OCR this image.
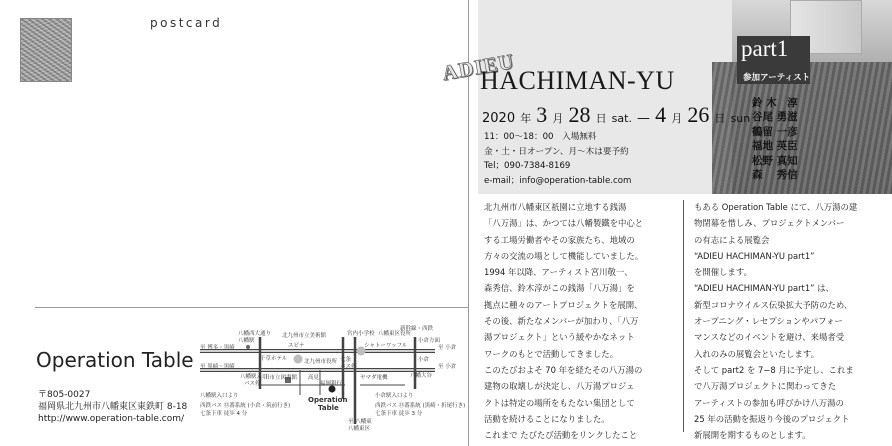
postcard
Operation Table
〒805-0027
福岡県北九州市八幡東区東鉄町 8-18
http://www.operation-table.com/
八幡西大通り
八幡駅
至 博多・黒崎
至 黒崎・黒崎
八幡駅入口
バス停
千草ホテル
スピナ
北九州市立美術館
北九州市役所
旧市立図書館 高見
宮内小学校
シャトーワッフル
八幡東区役所
小倉方面
新幹線・西鉄
八幡駅入口より
西鉄バス ⑬番系統 (小倉・筑前行き)
七条下車 徒歩 4 分
小倉駅入口より
西鉄バス ⑬番系統 (黒崎・折尾行き)
七条下車 徒歩 3 分
福岡銀行
七条
バス停
小倉
八幡大谷
ヤマダ電機
至 小倉
Operation
Table
至 八幡東
八幡東区
至 小倉
ADIEU
HACHIMAN-YU
part1
参加アーティスト
2020 年 3 月 28 日 sat. — 4 月 26 日 sun
11：00～18：00　入場無料
金・土・日オープン、月～木は要予約
Tel；090-7384-8169
e-mail；info@operation-table.com
鈴 木　淳
谷尾 勇滋
鶴留 一彦
福地 英臣
松野 真知
森　 秀信
北九州市八幡東区祇園に立地する銭湯
「八万湯」は、かつては八幡製鐵を中心と
する工場労働者やその家族たち、地域の
方々の交流の場として機能していました。
1994 年以降、アーティスト宮川敬一、
森秀信、鈴木淳がこの銭湯「八万湯」を
拠点に種々のアートプロジェクトを展開、
その後、新たなメンバーが加わり、「八万
湯プロジェクト」という緩やかなネット
ワークのもとで活動してきました。
このたびおよそ 70 年を経たその八万湯の
建物の取壊しが決定し、八万湯プロジェ
クトは特定の場所をもたない集団として
活動を続けることになりました。
これまで たびたび活動をリンクしたこと
もある Operation Table にて、八万湯の建
物閉幕を惜しみ、プロジェクトメンバー
の有志による展覧会
“ADIEU HACHIMAN-YU part1”
を開催します。
“ADIEU HACHIMAN-YU part1” は、
新型コロナウイルス伝染拡大予防のため、
オープニング・レセプションやパフォー
マンスなどのイベントを避け、来場者受
入れのみの展覧会といたします。
そして part2 を 7−8 月に予定し、これま
で八万湯プロジェクトに関わってきた
アーティストの参加も呼びかけ八万湯の
25 年の活動を振返り今後のプロジェクト
新展開を期するものとします。
